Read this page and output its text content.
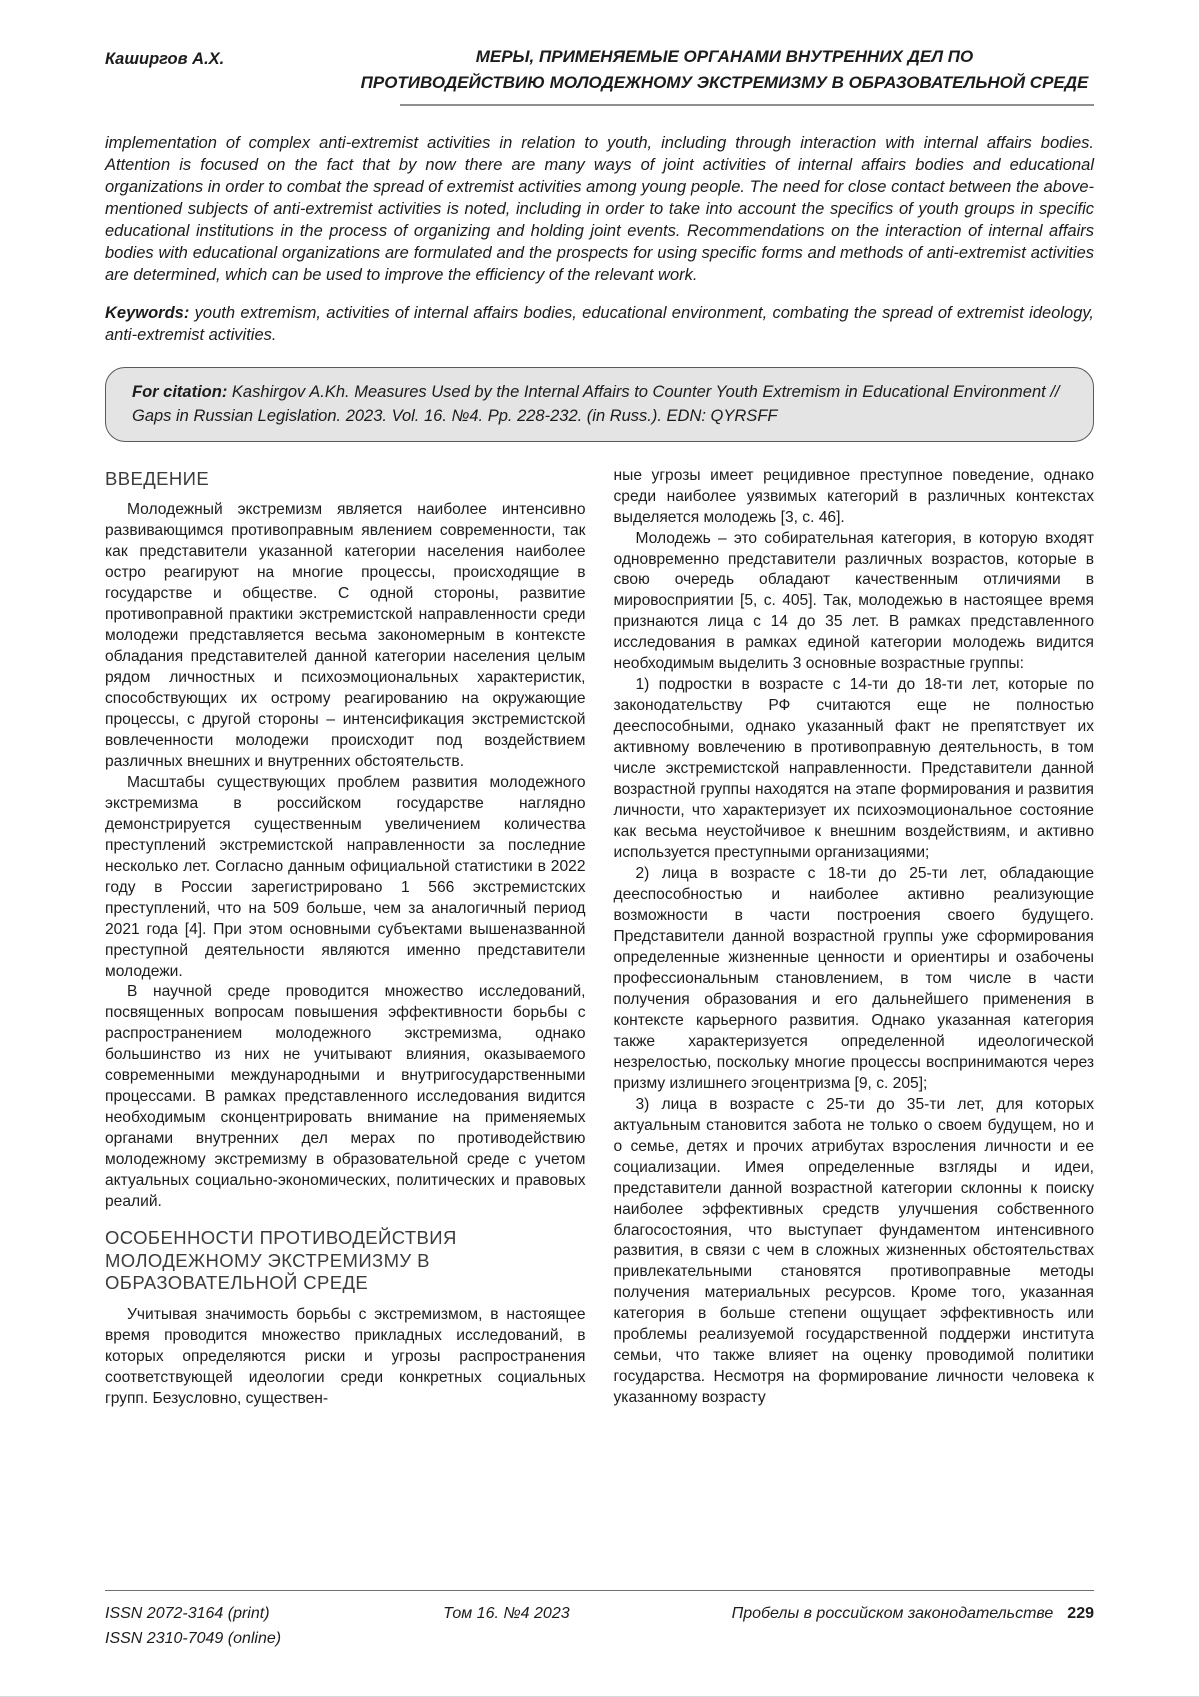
Каширгов А.Х.	МЕРЫ, ПРИМЕНЯЕМЫЕ ОРГАНАМИ ВНУТРЕННИХ ДЕЛ ПО
ПРОТИВОДЕЙСТВИЮ МОЛОДЕЖНОМУ ЭКСТРЕМИЗМУ В ОБРАЗОВАТЕЛЬНОЙ СРЕДЕ
implementation of complex anti-extremist activities in relation to youth, including through interaction with internal affairs bodies. Attention is focused on the fact that by now there are many ways of joint activities of internal affairs bodies and educational organizations in order to combat the spread of extremist activities among young people. The need for close contact between the above-mentioned subjects of anti-extremist activities is noted, including in order to take into account the specifics of youth groups in specific educational institutions in the process of organizing and holding joint events. Recommendations on the interaction of internal affairs bodies with educational organizations are formulated and the prospects for using specific forms and methods of anti-extremist activities are determined, which can be used to improve the efficiency of the relevant work.
Keywords: youth extremism, activities of internal affairs bodies, educational environment, combating the spread of extremist ideology, anti-extremist activities.
For citation: Kashirgov A.Kh. Measures Used by the Internal Affairs to Counter Youth Extremism in Educational Environment // Gaps in Russian Legislation. 2023. Vol. 16. №4. Pp. 228-232. (in Russ.). EDN: QYRSFF
ВВЕДЕНИЕ

Молодежный экстремизм является наиболее интенсивно развивающимся противоправным явлением современности, так как представители указанной категории населения наиболее остро реагируют на многие процессы, происходящие в государстве и обществе. С одной стороны, развитие противоправной практики экстремистской направленности среди молодежи представляется весьма закономерным в контексте обладания представителей данной категории населения целым рядом личностных и психоэмоциональных характеристик, способствующих их острому реагированию на окружающие процессы, с другой стороны – интенсификация экстремистской вовлеченности молодежи происходит под воздействием различных внешних и внутренних обстоятельств.

Масштабы существующих проблем развития молодежного экстремизма в российском государстве наглядно демонстрируется существенным увеличением количества преступлений экстремистской направленности за последние несколько лет. Согласно данным официальной статистики в 2022 году в России зарегистрировано 1 566 экстремистских преступлений, что на 509 больше, чем за аналогичный период 2021 года [4]. При этом основными субъектами вышеназванной преступной деятельности являются именно представители молодежи.

В научной среде проводится множество исследований, посвященных вопросам повышения эффективности борьбы с распространением молодежного экстремизма, однако большинство из них не учитывают влияния, оказываемого современными международными и внутригосударственными процессами. В рамках представленного исследования видится необходимым сконцентрировать внимание на применяемых органами внутренних дел мерах по противодействию молодежному экстремизму в образовательной среде с учетом актуальных социально-экономических, политических и правовых реалий.

ОСОБЕННОСТИ ПРОТИВОДЕЙСТВИЯ МОЛОДЕЖНОМУ ЭКСТРЕМИЗМУ В ОБРАЗОВАТЕЛЬНОЙ СРЕДЕ

Учитывая значимость борьбы с экстремизмом, в настоящее время проводится множество прикладных исследований, в которых определяются риски и угрозы распространения соответствующей идеологии среди конкретных социальных групп. Безусловно, существен-

ные угрозы имеет рецидивное преступное поведение, однако среди наиболее уязвимых категорий в различных контекстах выделяется молодежь [3, с. 46].

Молодежь – это собирательная категория, в которую входят одновременно представители различных возрастов, которые в свою очередь обладают качественным отличиями в мировосприятии [5, с. 405]. Так, молодежью в настоящее время признаются лица с 14 до 35 лет. В рамках представленного исследования в рамках единой категории молодежь видится необходимым выделить 3 основные возрастные группы:

1) подростки в возрасте с 14-ти до 18-ти лет, которые по законодательству РФ считаются еще не полностью дееспособными, однако указанный факт не препятствует их активному вовлечению в противоправную деятельность, в том числе экстремистской направленности. Представители данной возрастной группы находятся на этапе формирования и развития личности, что характеризует их психоэмоциональное состояние как весьма неустойчивое к внешним воздействиям, и активно используется преступными организациями;

2) лица в возрасте с 18-ти до 25-ти лет, обладающие дееспособностью и наиболее активно реализующие возможности в части построения своего будущего. Представители данной возрастной группы уже сформирования определенные жизненные ценности и ориентиры и озабочены профессиональным становлением, в том числе в части получения образования и его дальнейшего применения в контексте карьерного развития. Однако указанная категория также характеризуется определенной идеологической незрелостью, поскольку многие процессы воспринимаются через призму излишнего эгоцентризма [9, с. 205];

3) лица в возрасте с 25-ти до 35-ти лет, для которых актуальным становится забота не только о своем будущем, но и о семье, детях и прочих атрибутах взросления личности и ее социализации. Имея определенные взгляды и идеи, представители данной возрастной категории склонны к поиску наиболее эффективных средств улучшения собственного благосостояния, что выступает фундаментом интенсивного развития, в связи с чем в сложных жизненных обстоятельствах привлекательными становятся противоправные методы получения материальных ресурсов. Кроме того, указанная категория в больше степени ощущает эффективность или проблемы реализуемой государственной поддержи института семьи, что также влияет на оценку проводимой политики государства. Несмотря на формирование личности человека к указанному возрасту

ISSN 2072-3164 (print)
ISSN 2310-7049 (online)
Том 16. №4 2023	Пробелы в российском законодательстве 229
